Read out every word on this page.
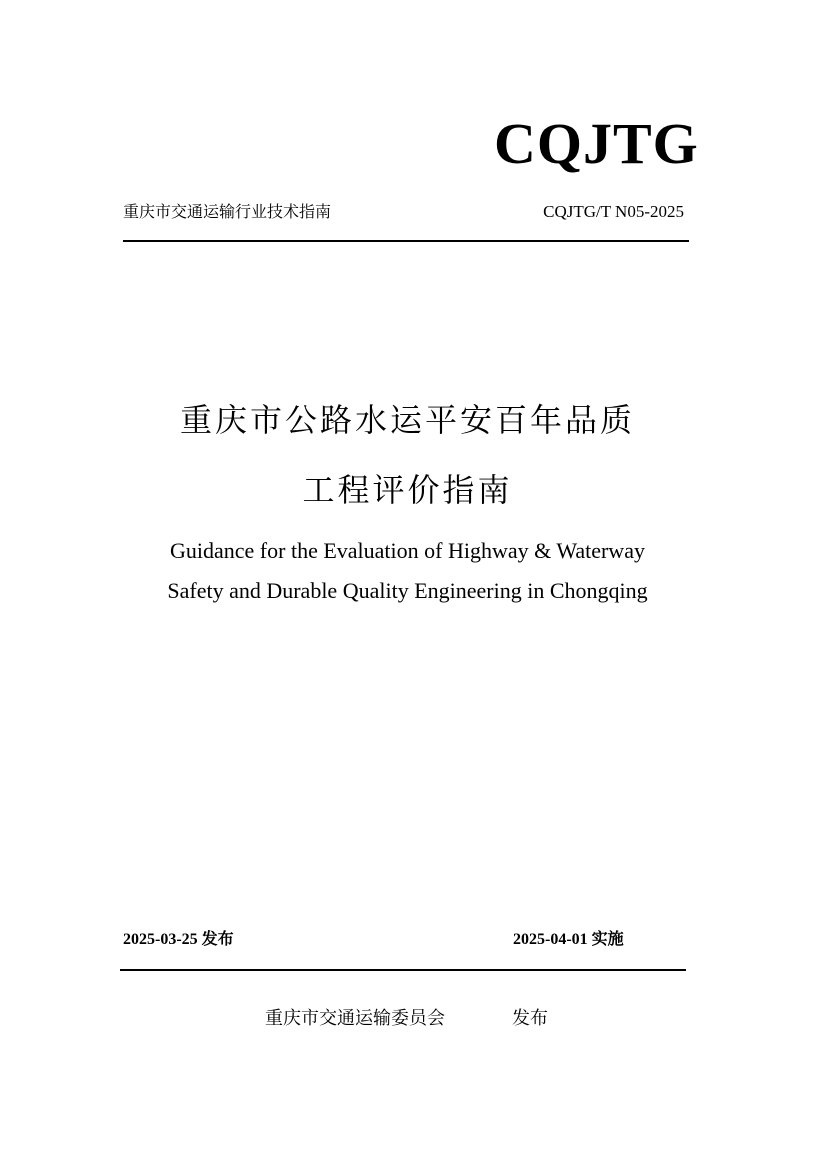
CQJTG
重庆市交通运输行业技术指南	CQJTG/T N05-2025
重庆市公路水运平安百年品质
工程评价指南
Guidance for the Evaluation of Highway & Waterway
Safety and Durable Quality Engineering in Chongqing
2025-03-25 发布	2025-04-01 实施
重庆市交通运输委员会	发布
